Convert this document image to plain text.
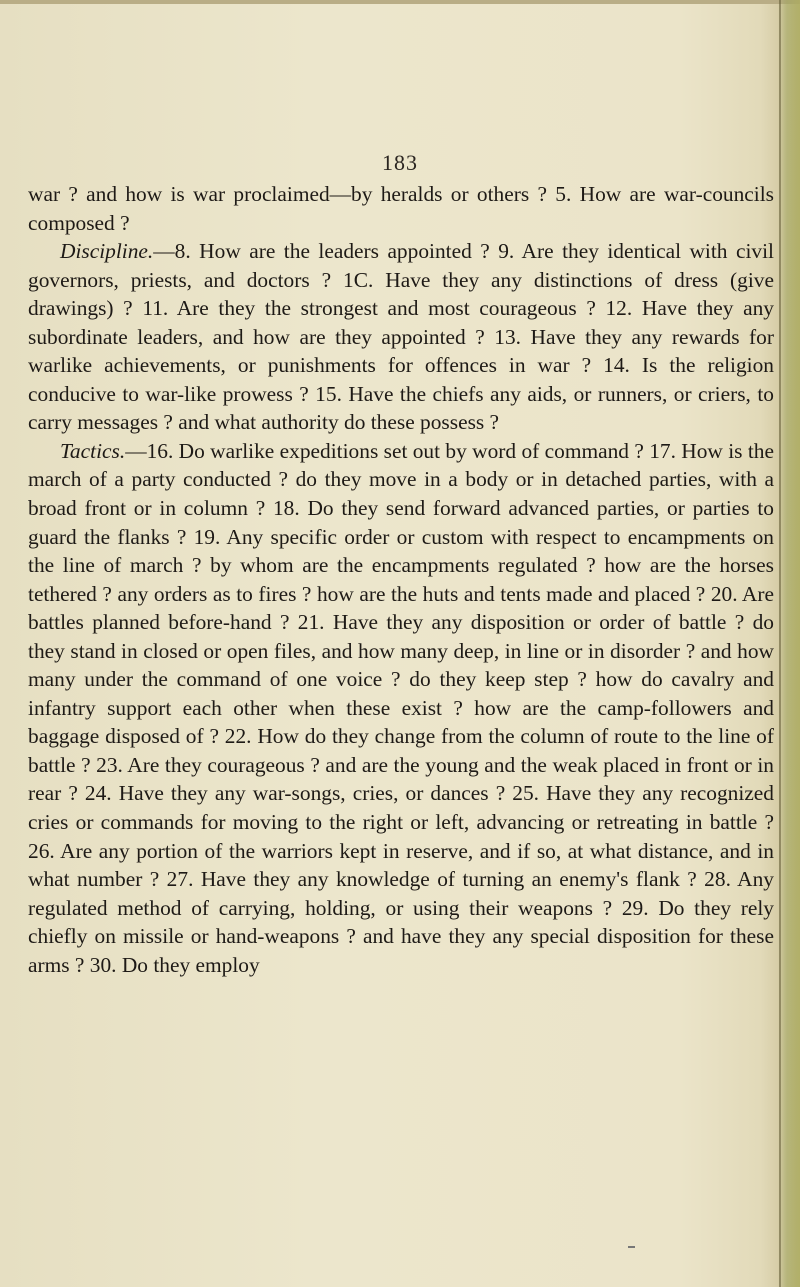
183

war ? and how is war proclaimed—by heralds or others ? 5. How are war-councils composed ?

Discipline.—8. How are the leaders appointed ? 9. Are they identical with civil governors, priests, and doctors ? 1C. Have they any distinctions of dress (give drawings) ? 11. Are they the strongest and most courageous ? 12. Have they any subordinate leaders, and how are they appointed ? 13. Have they any rewards for warlike achievements, or punishments for offences in war ? 14. Is the religion conducive to war-like prowess ? 15. Have the chiefs any aids, or runners, or criers, to carry messages ? and what authority do these possess ?

Tactics.—16. Do warlike expeditions set out by word of command ? 17. How is the march of a party conducted ? do they move in a body or in detached parties, with a broad front or in column ? 18. Do they send forward advanced parties, or parties to guard the flanks ? 19. Any specific order or custom with respect to encampments on the line of march ? by whom are the encampments regulated ? how are the horses tethered ? any orders as to fires ? how are the huts and tents made and placed ? 20. Are battles planned before-hand ? 21. Have they any disposition or order of battle ? do they stand in closed or open files, and how many deep, in line or in disorder ? and how many under the command of one voice ? do they keep step ? how do cavalry and infantry support each other when these exist ? how are the camp-followers and baggage disposed of ? 22. How do they change from the column of route to the line of battle ? 23. Are they courageous ? and are the young and the weak placed in front or in rear ? 24. Have they any war-songs, cries, or dances ? 25. Have they any recognized cries or commands for moving to the right or left, advancing or retreating in battle ? 26. Are any portion of the warriors kept in reserve, and if so, at what distance, and in what number ? 27. Have they any knowledge of turning an enemy's flank ? 28. Any regulated method of carrying, holding, or using their weapons ? 29. Do they rely chiefly on missile or hand-weapons ? and have they any special disposition for these arms ? 30. Do they employ
